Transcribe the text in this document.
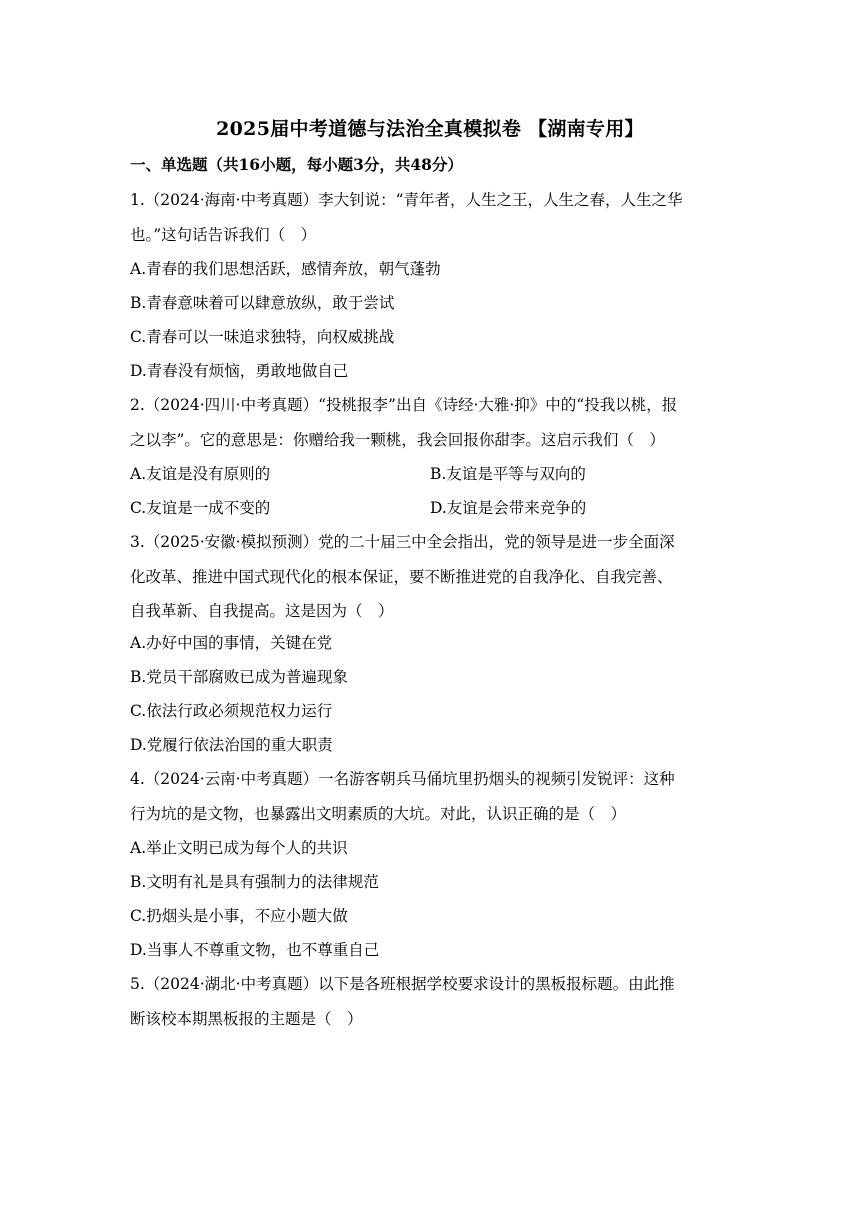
2025届中考道德与法治全真模拟卷 【湖南专用】
一、单选题（共16小题，每小题3分，共48分）
1.（2024·海南·中考真题）李大钊说：“青年者，人生之王，人生之春，人生之华
也。”这句话告诉我们（　）
A.青春的我们思想活跃，感情奔放，朝气蓬勃
B.青春意味着可以肆意放纵，敢于尝试
C.青春可以一味追求独特，向权威挑战
D.青春没有烦恼，勇敢地做自己
2.（2024·四川·中考真题）“投桃报李”出自《诗经·大雅·抑》中的“投我以桃，报
之以李”。它的意思是：你赠给我一颗桃，我会回报你甜李。这启示我们（　）
A.友谊是没有原则的	B.友谊是平等与双向的
C.友谊是一成不变的	D.友谊是会带来竞争的
3.（2025·安徽·模拟预测）党的二十届三中全会指出，党的领导是进一步全面深
化改革、推进中国式现代化的根本保证，要不断推进党的自我净化、自我完善、
自我革新、自我提高。这是因为（　）
A.办好中国的事情，关键在党
B.党员干部腐败已成为普遍现象
C.依法行政必须规范权力运行
D.党履行依法治国的重大职责
4.（2024·云南·中考真题）一名游客朝兵马俑坑里扔烟头的视频引发锐评：这种
行为坑的是文物，也暴露出文明素质的大坑。对此，认识正确的是（　）
A.举止文明已成为每个人的共识
B.文明有礼是具有强制力的法律规范
C.扔烟头是小事，不应小题大做
D.当事人不尊重文物，也不尊重自己
5.（2024·湖北·中考真题）以下是各班根据学校要求设计的黑板报标题。由此推
断该校本期黑板报的主题是（　）
